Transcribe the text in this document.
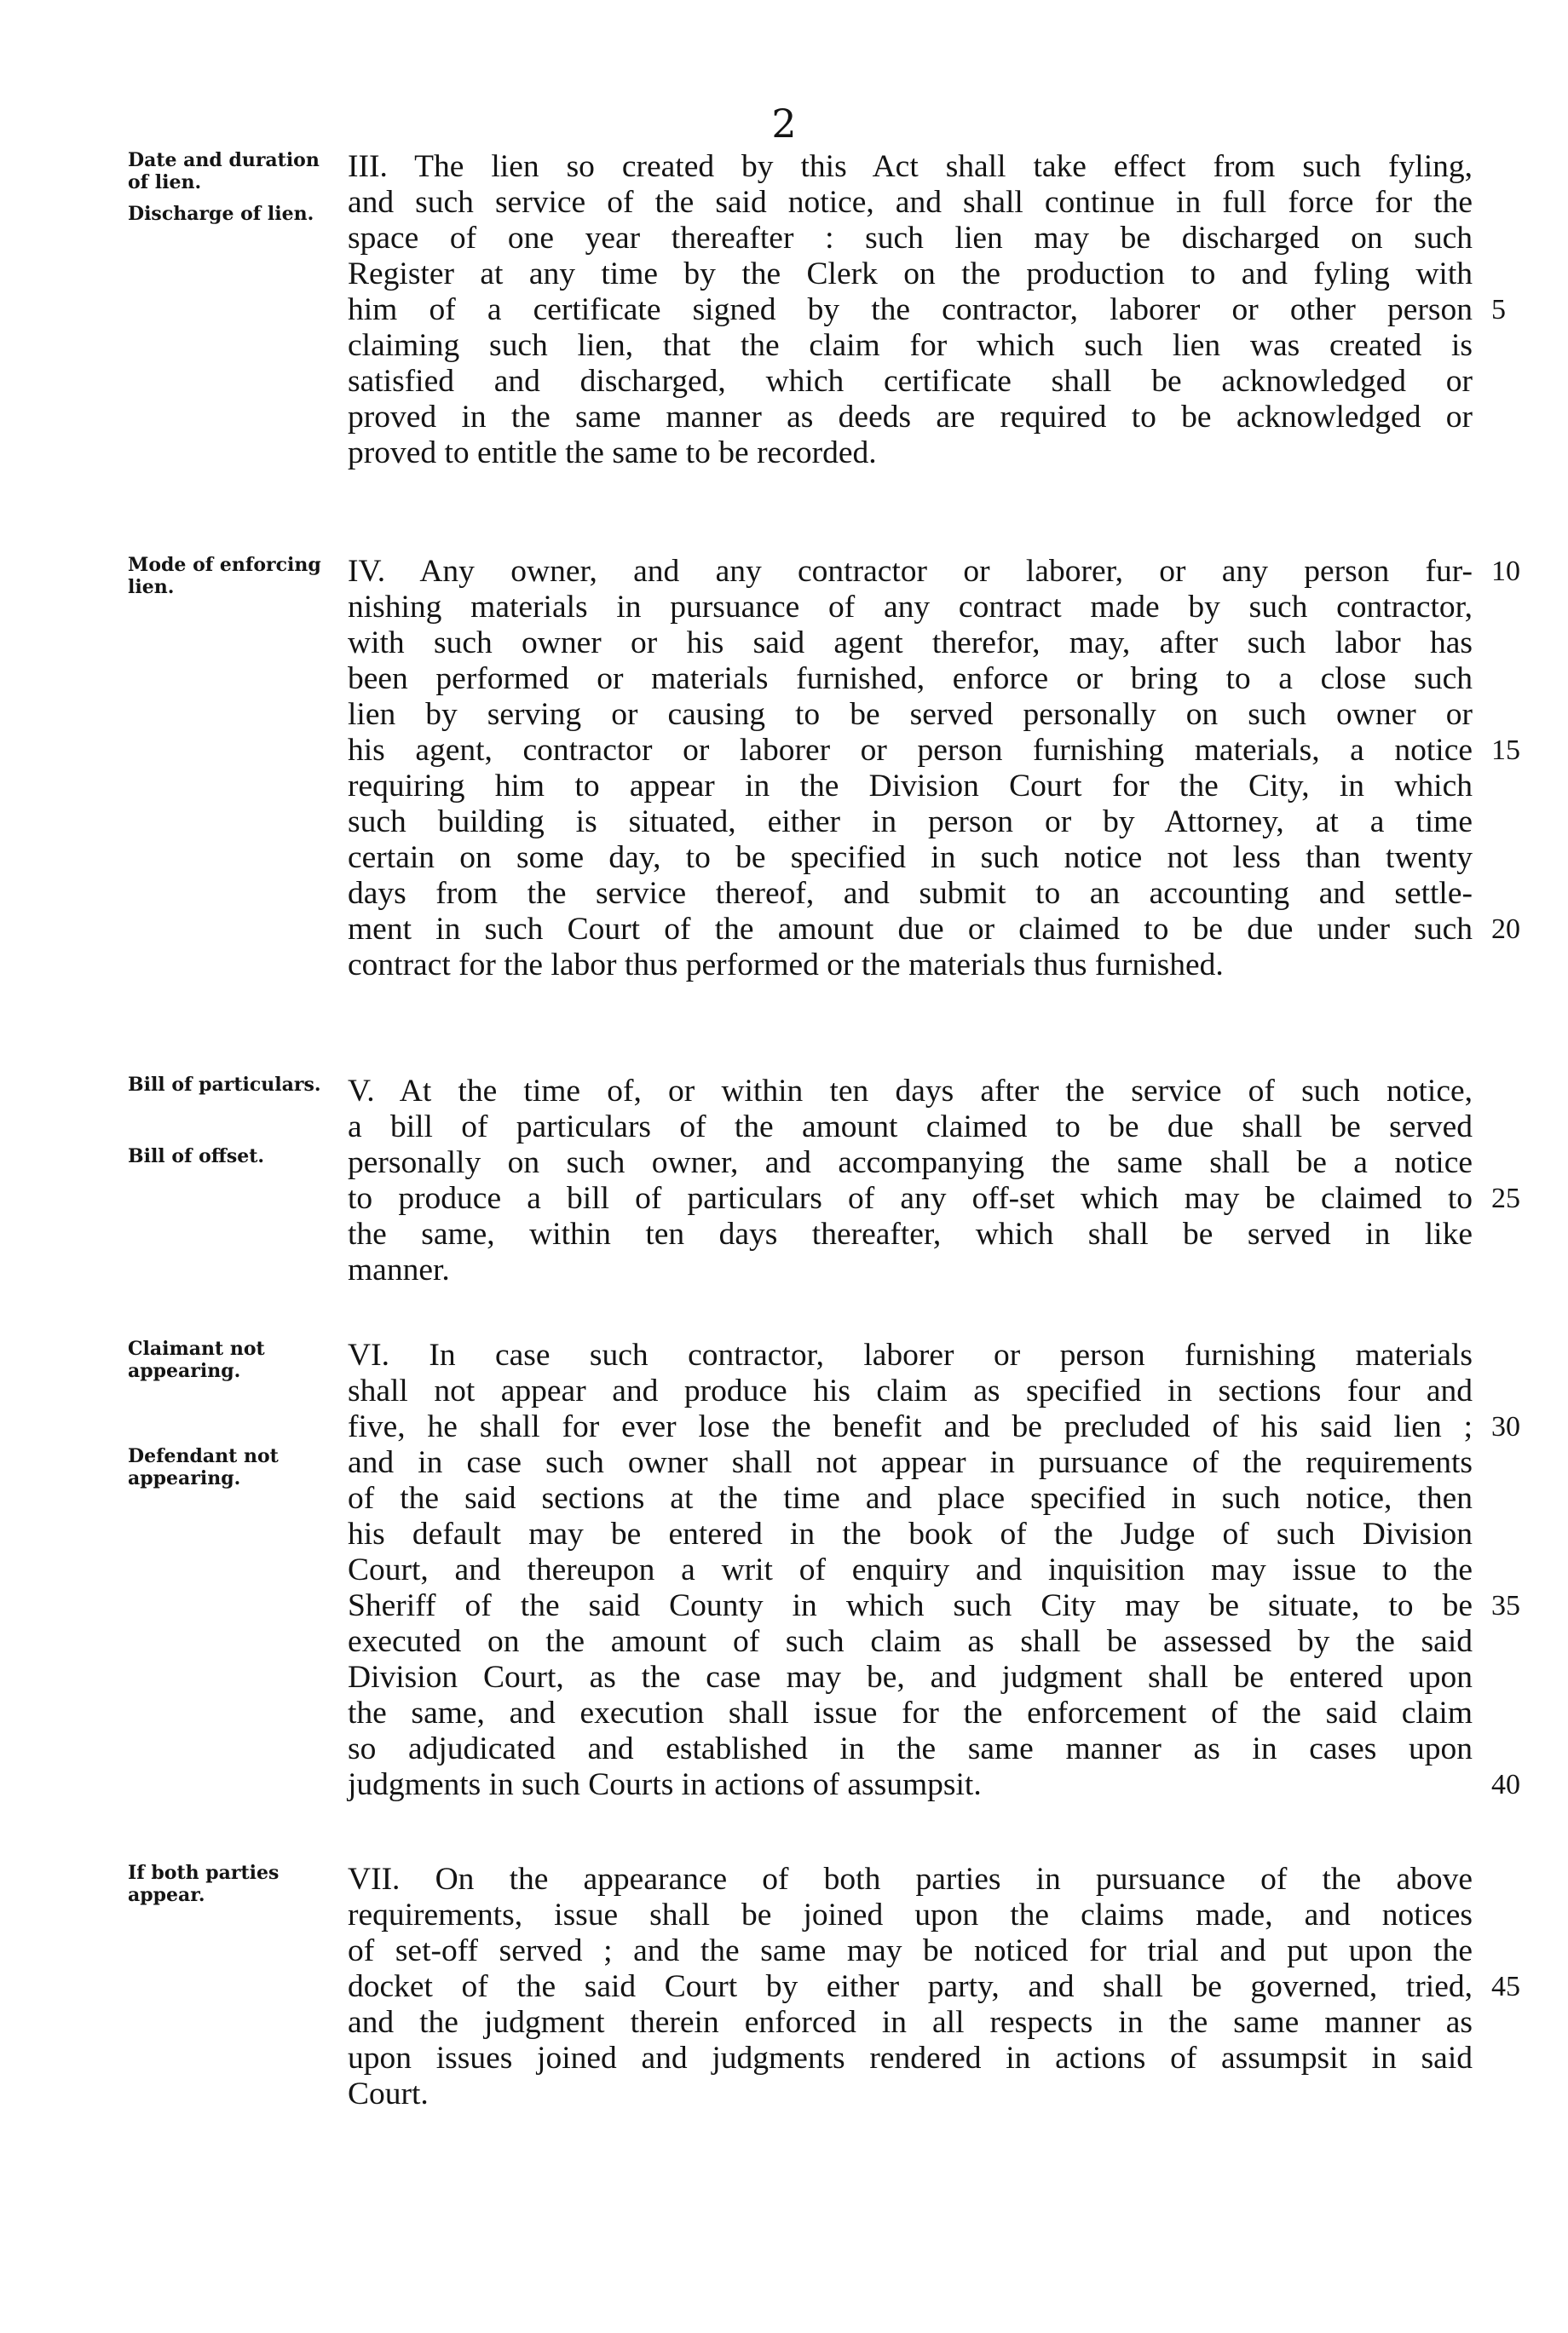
2
Date and duration of lien.
Discharge of lien.
III. The lien so created by this Act shall take effect from such fyling,
and such service of the said notice, and shall continue in full force for the
space of one year thereafter : such lien may be discharged on such
Register at any time by the Clerk on the production to and fyling with
him of a certificate signed by the contractor, laborer or other person
claiming such lien, that the claim for which such lien was created is
satisfied and discharged, which certificate shall be acknowledged or
proved in the same manner as deeds are required to be acknowledged or
proved to entitle the same to be recorded.
5
Mode of enforcing lien.	IV. Any owner, and any contractor or laborer, or any person fur-
nishing materials in pursuance of any contract made by such contractor,
with such owner or his said agent therefor, may, after such labor has
been performed or materials furnished, enforce or bring to a close such
lien by serving or causing to be served personally on such owner or
his agent, contractor or laborer or person furnishing materials, a notice
requiring him to appear in the Division Court for the City, in which
such building is situated, either in person or by Attorney, at a time
certain on some day, to be specified in such notice not less than twenty
days from the service thereof, and submit to an accounting and settle-
ment in such Court of the amount due or claimed to be due under such
contract for the labor thus performed or the materials thus furnished.
10
15
20
Bill of particulars.
Bill of offset.
V. At the time of, or within ten days after the service of such notice,
a bill of particulars of the amount claimed to be due shall be served
personally on such owner, and accompanying the same shall be a notice
to produce a bill of particulars of any off-set which may be claimed to
the same, within ten days thereafter, which shall be served in like
manner.
25
Claimant not appearing.
Defendant not appearing.
VI. In case such contractor, laborer or person furnishing materials
shall not appear and produce his claim as specified in sections four and
five, he shall for ever lose the benefit and be precluded of his said lien ;
and in case such owner shall not appear in pursuance of the requirements
of the said sections at the time and place specified in such notice, then
his default may be entered in the book of the Judge of such Division
Court, and thereupon a writ of enquiry and inquisition may issue to the
Sheriff of the said County in which such City may be situate, to be
executed on the amount of such claim as shall be assessed by the said
Division Court, as the case may be, and judgment shall be entered upon
the same, and execution shall issue for the enforcement of the said claim
so adjudicated and established in the same manner as in cases upon
judgments in such Courts in actions of assumpsit.
30
35
40
If both parties appear.	VII. On the appearance of both parties in pursuance of the above
requirements, issue shall be joined upon the claims made, and notices
of set-off served ; and the same may be noticed for trial and put upon the
docket of the said Court by either party, and shall be governed, tried,
and the judgment therein enforced in all respects in the same manner as
upon issues joined and judgments rendered in actions of assumpsit in said
Court.
45
